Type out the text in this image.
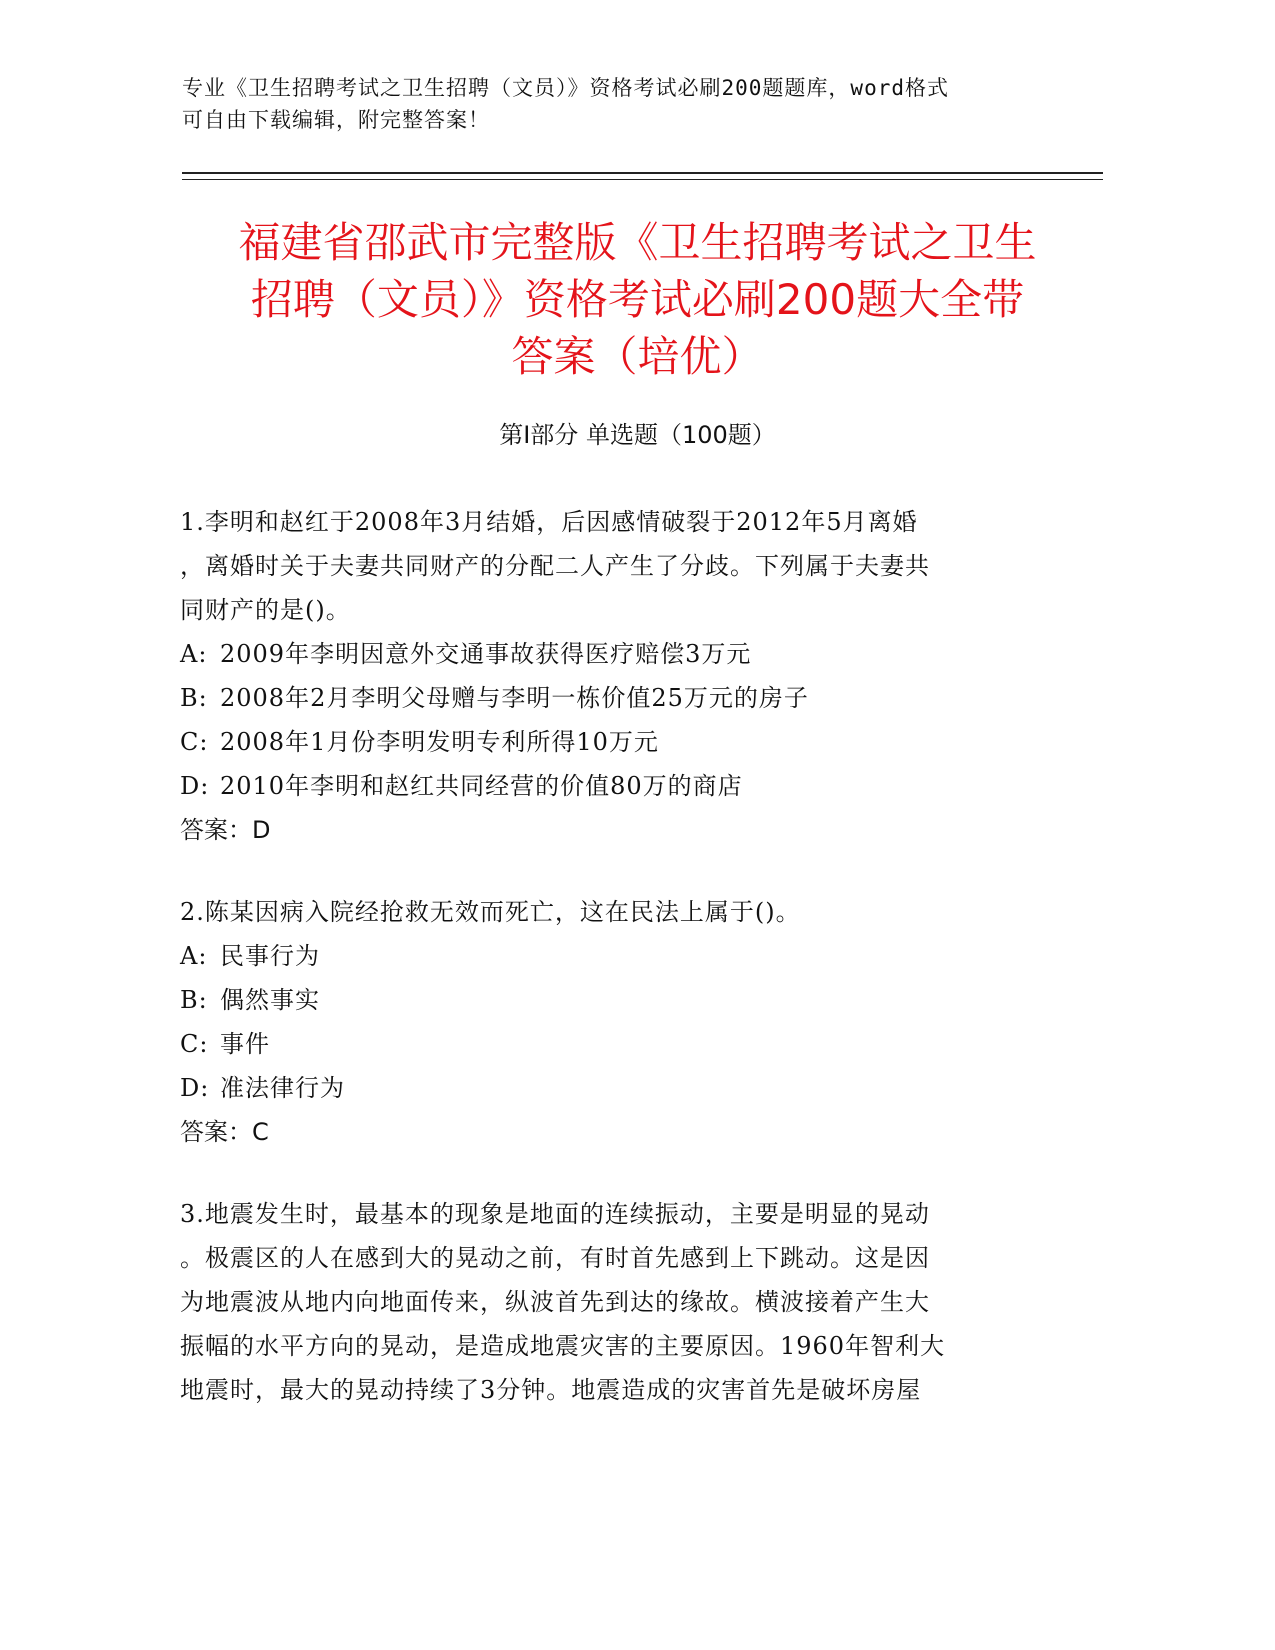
专业《卫生招聘考试之卫生招聘（文员）》资格考试必刷200题题库，word格式
可自由下载编辑，附完整答案！
福建省邵武市完整版《卫生招聘考试之卫生
招聘（文员）》资格考试必刷200题大全带
答案（培优）
第Ⅰ部分 单选题（100题）
1.李明和赵红于2008年3月结婚，后因感情破裂于2012年5月离婚
，离婚时关于夫妻共同财产的分配二人产生了分歧。下列属于夫妻共
同财产的是()。
A: 2009年李明因意外交通事故获得医疗赔偿3万元
B: 2008年2月李明父母赠与李明一栋价值25万元的房子
C: 2008年1月份李明发明专利所得10万元
D: 2010年李明和赵红共同经营的价值80万的商店
答案：D
2.陈某因病入院经抢救无效而死亡，这在民法上属于()。
A: 民事行为
B: 偶然事实
C: 事件
D: 准法律行为
答案：C
3.地震发生时，最基本的现象是地面的连续振动，主要是明显的晃动
。极震区的人在感到大的晃动之前，有时首先感到上下跳动。这是因
为地震波从地内向地面传来，纵波首先到达的缘故。横波接着产生大
振幅的水平方向的晃动，是造成地震灾害的主要原因。1960年智利大
地震时，最大的晃动持续了3分钟。地震造成的灾害首先是破坏房屋
